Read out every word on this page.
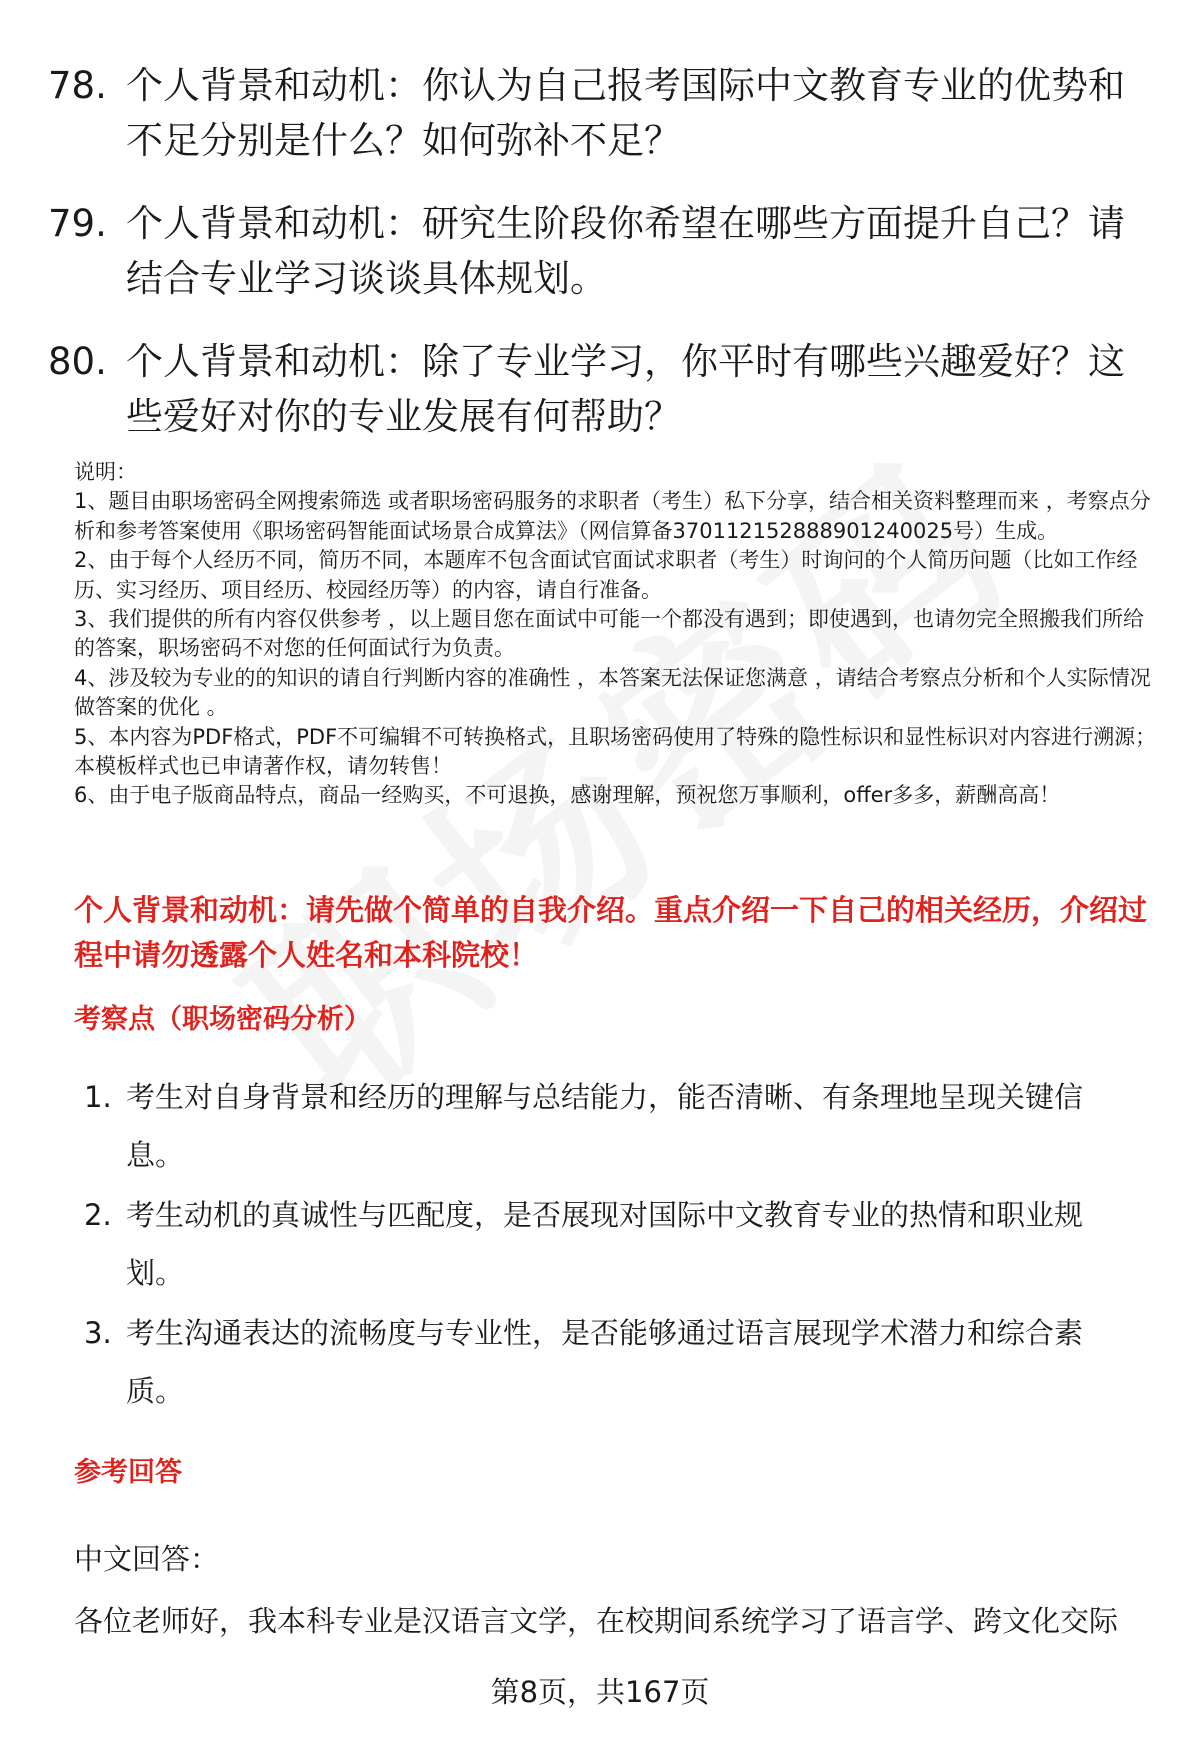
78. 个人背景和动机：你认为自己报考国际中文教育专业的优势和不足分别是什么？如何弥补不足？
79. 个人背景和动机：研究生阶段你希望在哪些方面提升自己？请结合专业学习谈谈具体规划。
80. 个人背景和动机：除了专业学习，你平时有哪些兴趣爱好？这些爱好对你的专业发展有何帮助？

说明：

1、题目由职场密码全网搜索筛选 或者职场密码服务的求职者（考生）私下分享，结合相关资料整理而来 ，考察点分析和参考答案使用《职场密码智能面试场景合成算法》（网信算备370112152888901240025号）生成。

2、由于每个人经历不同，简历不同，本题库不包含面试官面试求职者（考生）时询问的个人简历问题（比如工作经历、实习经历、项目经历、校园经历等）的内容，请自行准备。

3、我们提供的所有内容仅供参考 ，以上题目您在面试中可能一个都没有遇到；即使遇到，也请勿完全照搬我们所给的答案，职场密码不对您的任何面试行为负责。

4、涉及较为专业的的知识的请自行判断内容的准确性 ，本答案无法保证您满意 ，请结合考察点分析和个人实际情况做答案的优化 。

5、本内容为PDF格式，PDF不可编辑不可转换格式，且职场密码使用了特殊的隐性标识和显性标识对内容进行溯源；本模板样式也已申请著作权，请勿转售！

6、由于电子版商品特点，商品一经购买，不可退换，感谢理解，预祝您万事顺利，offer多多，薪酬高高！

个人背景和动机：请先做个简单的自我介绍。重点介绍一下自己的相关经历，介绍过程中请勿透露个人姓名和本科院校！
考察点（职场密码分析）
1. 考生对自身背景和经历的理解与总结能力，能否清晰、有条理地呈现关键信息。
2. 考生动机的真诚性与匹配度，是否展现对国际中文教育专业的热情和职业规划。
3. 考生沟通表达的流畅度与专业性，是否能够通过语言展现学术潜力和综合素质。
参考回答

中文回答：

各位老师好，我本科专业是汉语言文学，在校期间系统学习了语言学、跨文化交际

第8页，共167页
